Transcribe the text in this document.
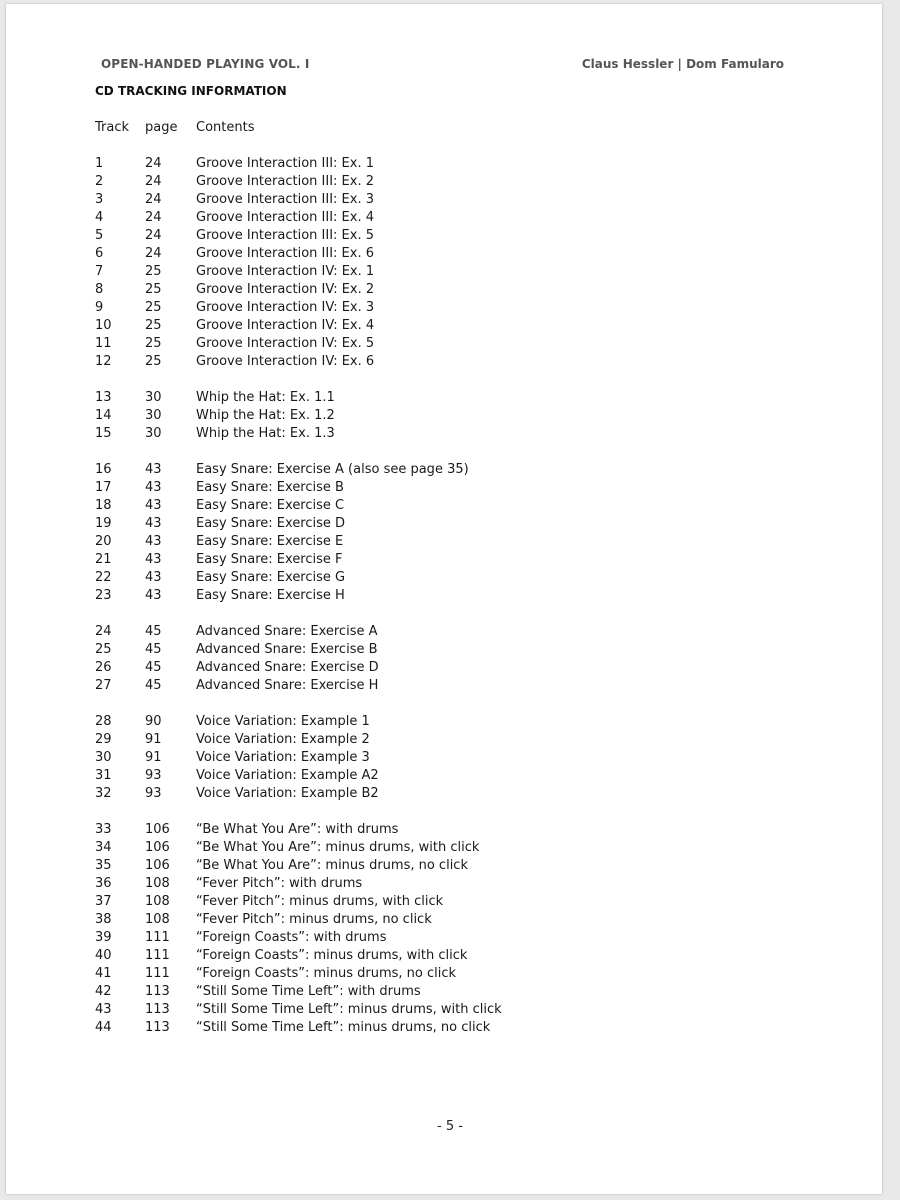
OPEN-HANDED PLAYING VOL. I	Claus Hessler | Dom Famularo
CD TRACKING INFORMATION
Track	page	Contents
1	24	Groove Interaction III: Ex. 1
2	24	Groove Interaction III: Ex. 2
3	24	Groove Interaction III: Ex. 3
4	24	Groove Interaction III: Ex. 4
5	24	Groove Interaction III: Ex. 5
6	24	Groove Interaction III: Ex. 6
7	25	Groove Interaction IV: Ex. 1
8	25	Groove Interaction IV: Ex. 2
9	25	Groove Interaction IV: Ex. 3
10	25	Groove Interaction IV: Ex. 4
11	25	Groove Interaction IV: Ex. 5
12	25	Groove Interaction IV: Ex. 6
13	30	Whip the Hat: Ex. 1.1
14	30	Whip the Hat: Ex. 1.2
15	30	Whip the Hat: Ex. 1.3
16	43	Easy Snare: Exercise A (also see page 35)
17	43	Easy Snare: Exercise B
18	43	Easy Snare: Exercise C
19	43	Easy Snare: Exercise D
20	43	Easy Snare: Exercise E
21	43	Easy Snare: Exercise F
22	43	Easy Snare: Exercise G
23	43	Easy Snare: Exercise H
24	45	Advanced Snare: Exercise A
25	45	Advanced Snare: Exercise B
26	45	Advanced Snare: Exercise D
27	45	Advanced Snare: Exercise H
28	90	Voice Variation: Example 1
29	91	Voice Variation: Example 2
30	91	Voice Variation: Example 3
31	93	Voice Variation: Example A2
32	93	Voice Variation: Example B2
33	106	“Be What You Are”: with drums
34	106	“Be What You Are”: minus drums, with click
35	106	“Be What You Are”: minus drums, no click
36	108	“Fever Pitch”: with drums
37	108	“Fever Pitch”: minus drums, with click
38	108	“Fever Pitch”: minus drums, no click
39	111	“Foreign Coasts”: with drums
40	111	“Foreign Coasts”: minus drums, with click
41	111	“Foreign Coasts”: minus drums, no click
42	113	“Still Some Time Left”: with drums
43	113	“Still Some Time Left”: minus drums, with click
44	113	“Still Some Time Left”: minus drums, no click
- 5 -
